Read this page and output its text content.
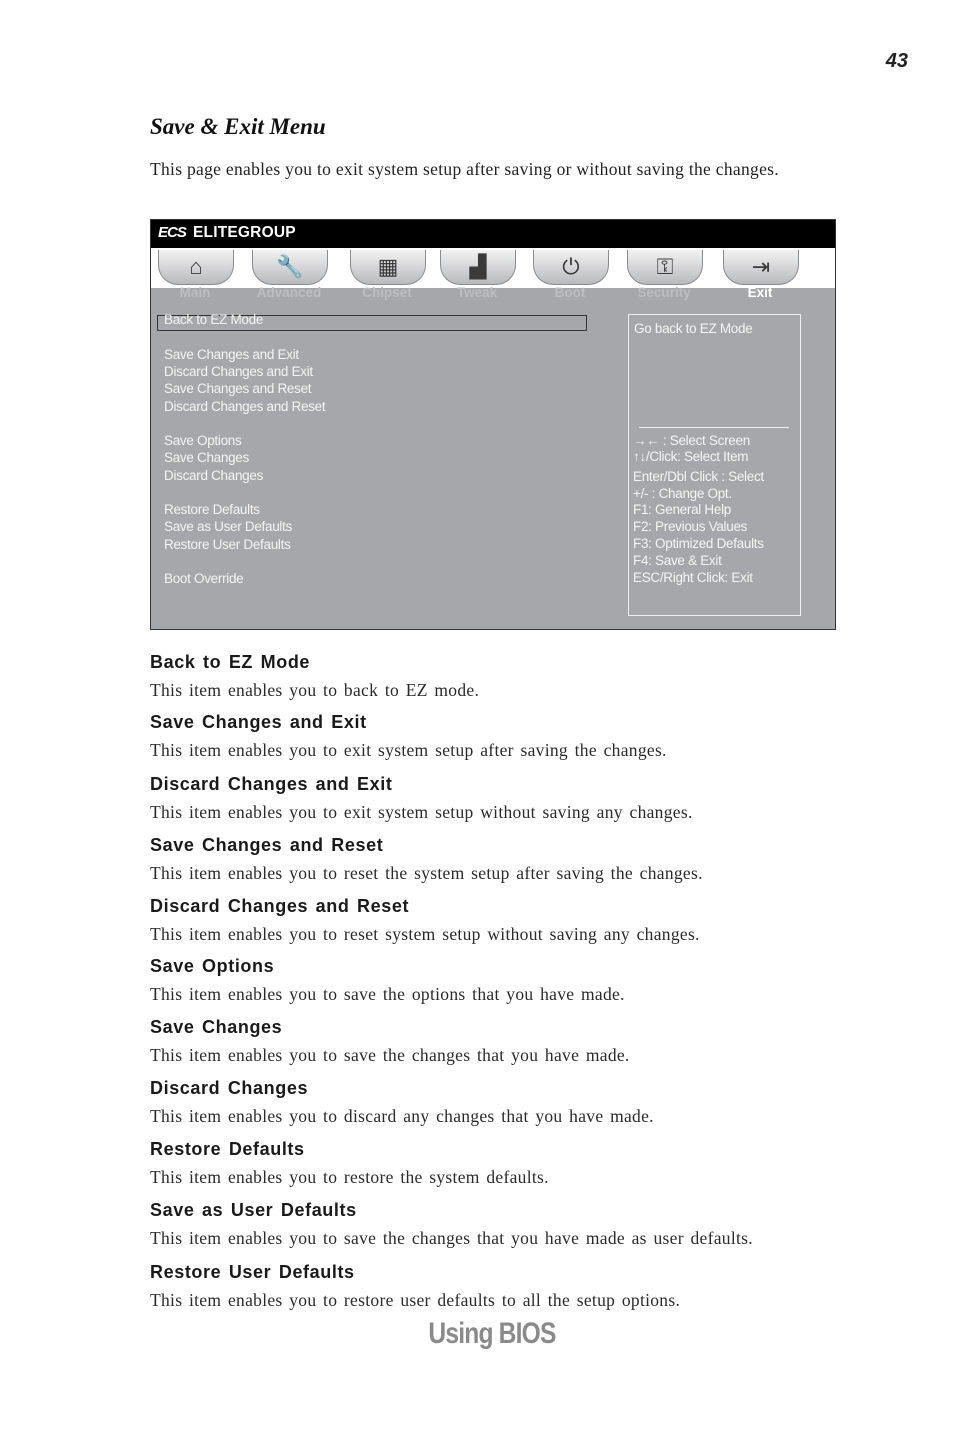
43
Save & Exit Menu

This page enables you to exit system setup after saving or without saving the changes.

ECS ELITEGROUP
⌂
Main
🔧
Advanced
▦
Chipset
▟
Tweak
⏻
Boot
⚿
Security
⇥
Exit
Back to EZ Mode
Save Changes and Exit
Discard Changes and Exit
Save Changes and Reset
Discard Changes and Reset
Save Options
Save Changes
Discard Changes
Restore Defaults
Save as User Defaults
Restore User Defaults
Boot Override
Go back to EZ Mode
→← : Select Screen
↑↓/Click: Select Item
Enter/Dbl Click : Select
+/- : Change Opt.
F1: General Help
F2: Previous Values
F3: Optimized Defaults
F4: Save & Exit
ESC/Right Click: Exit
Back to EZ Mode

This item enables you to back to EZ mode.

Save Changes and Exit

This item enables you to exit system setup after saving the changes.

Discard Changes and Exit

This item enables you to exit system setup without saving any changes.

Save Changes and Reset

This item enables you to reset the system setup after saving the changes.

Discard Changes and Reset

This item enables you to reset system setup without saving any changes.

Save Options

This item enables you to save the options that you have made.

Save Changes

This item enables you to save the changes that you have made.

Discard Changes

This item enables you to discard any changes that you have made.

Restore Defaults

This item enables you to restore the system defaults.

Save as User Defaults

This item enables you to save the changes that you have made as user defaults.

Restore User Defaults

This item enables you to restore user defaults to all the setup options.

Using BIOS
